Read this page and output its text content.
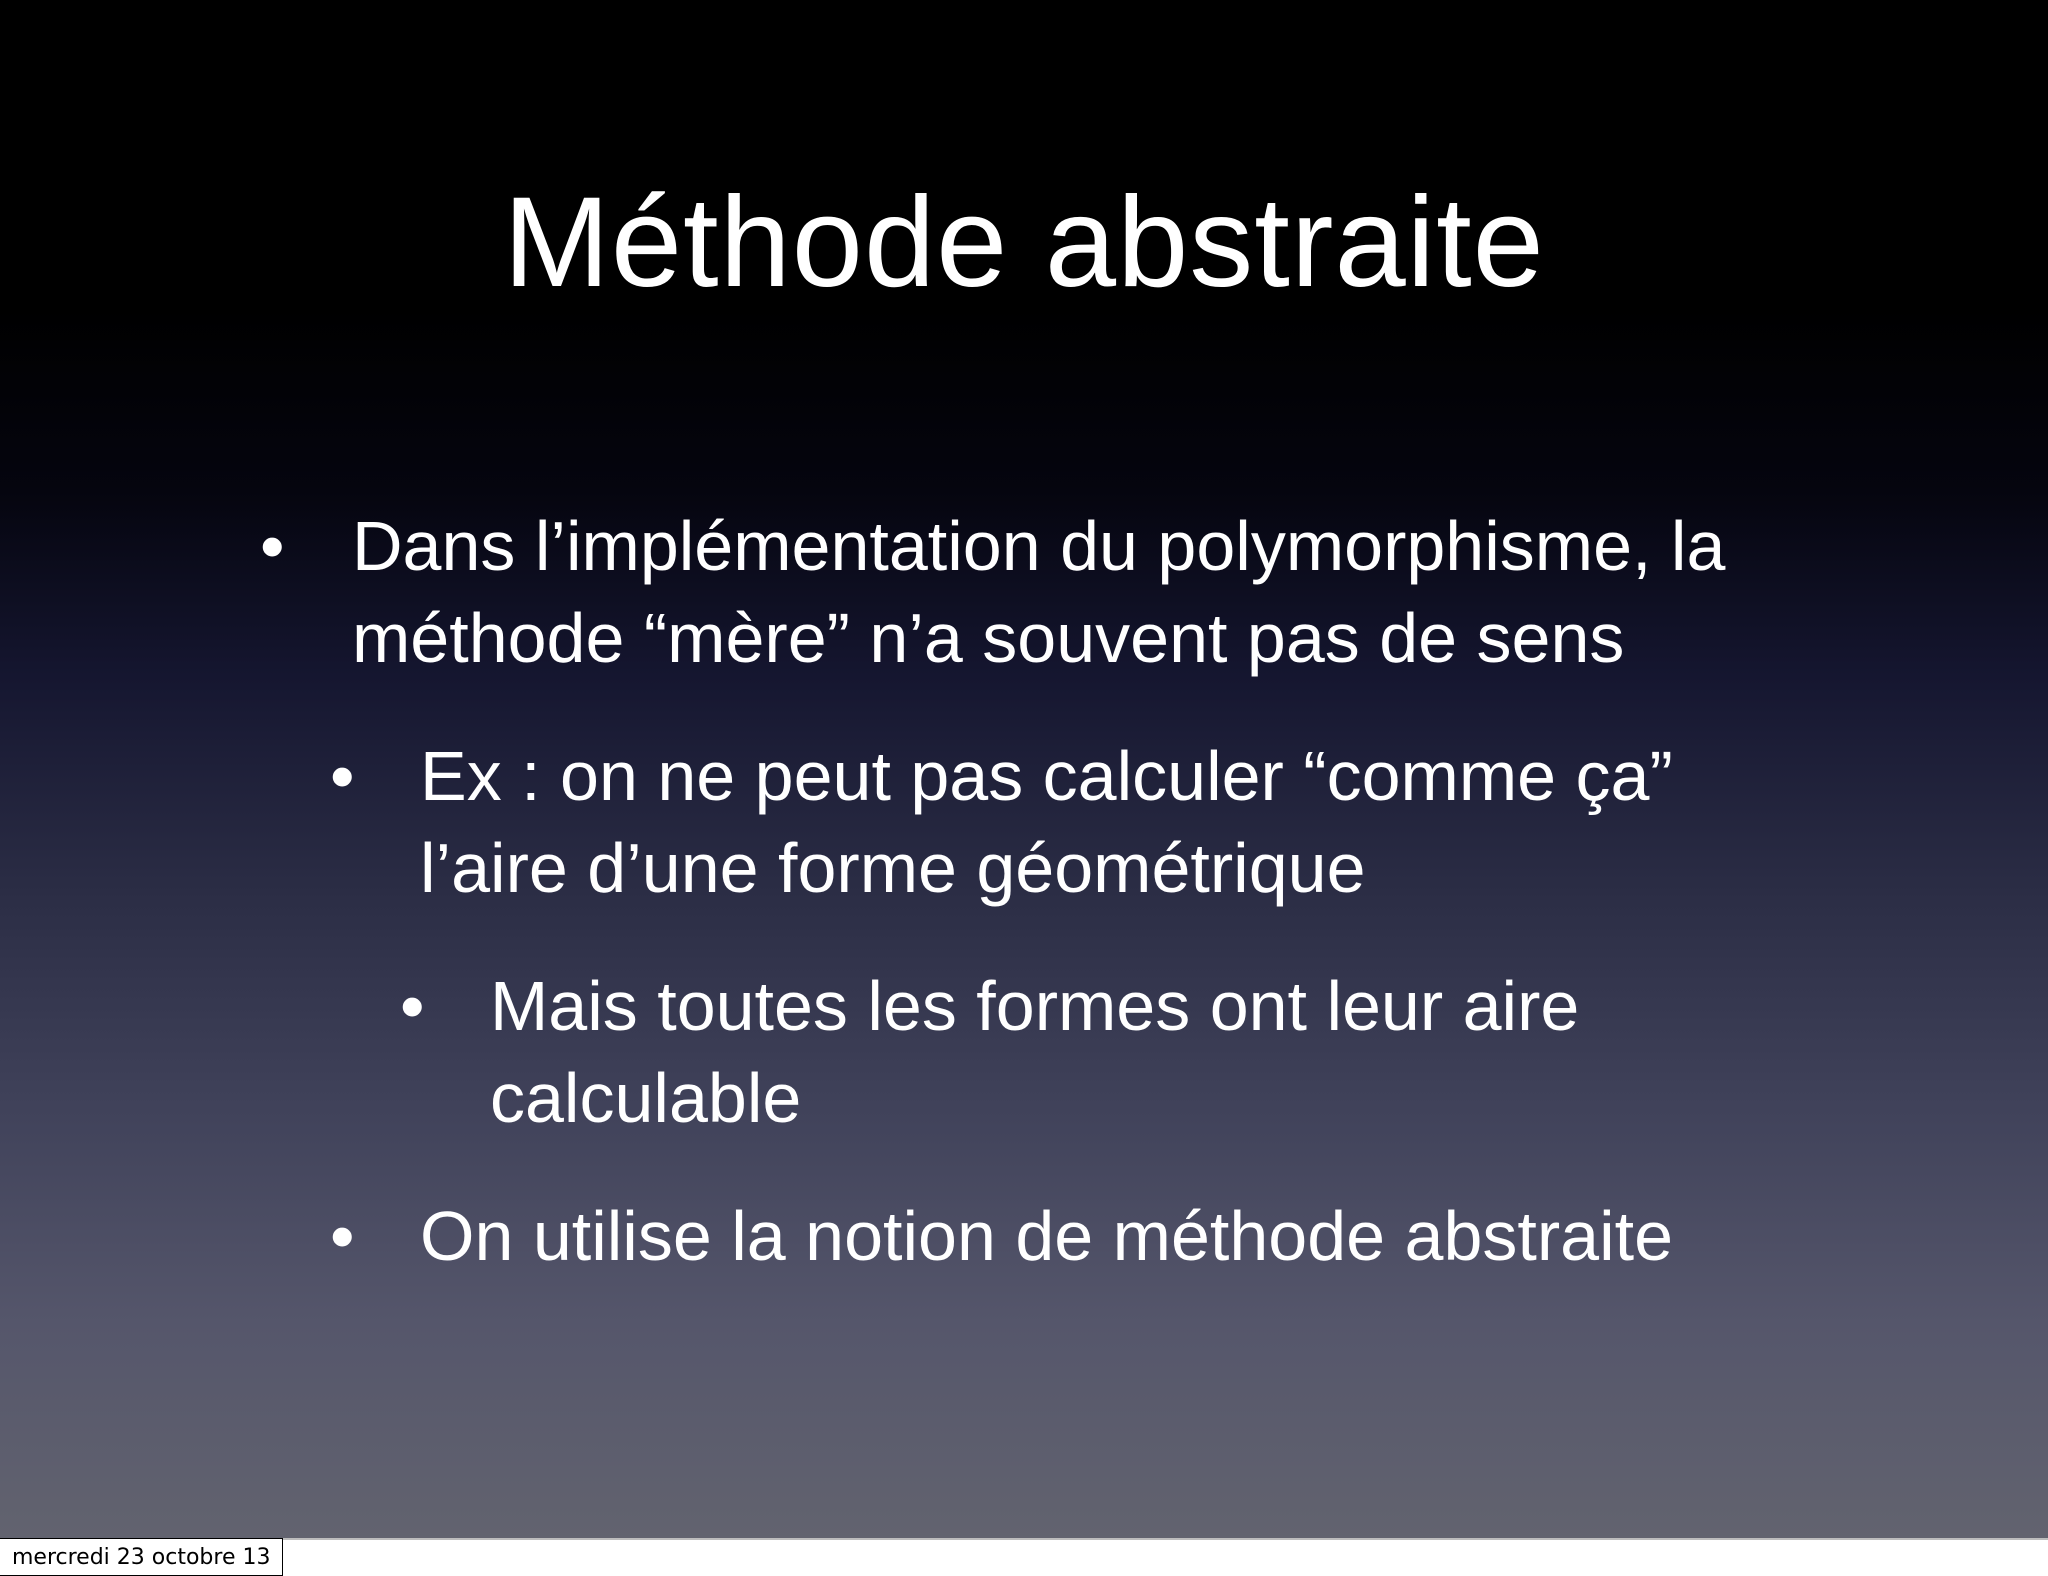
Méthode abstraite
• Dans l’implémentation du polymorphisme, la méthode “mère” n’a souvent pas de sens
• Ex : on ne peut pas calculer “comme ça” l’aire d’une forme géométrique
• Mais toutes les formes ont leur aire calculable
• On utilise la notion de méthode abstraite
mercredi 23 octobre 13
